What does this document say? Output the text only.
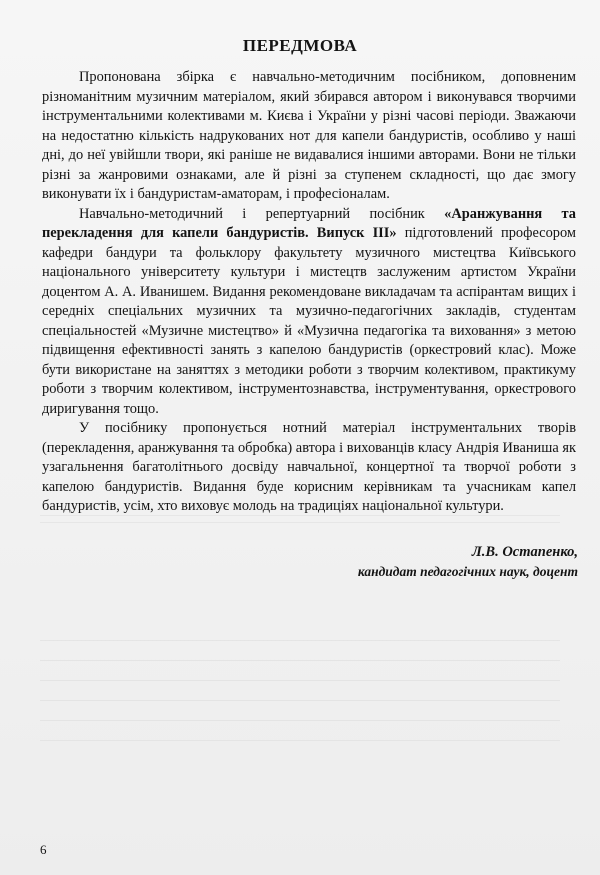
ПЕРЕДМОВА

Пропонована збірка є навчально-методичним посібником, доповненим різноманітним музичним матеріалом, який збирався автором і виконувався творчими інструментальними колективами м. Києва і України у різні часові періоди. Зважаючи на недостатню кількість надрукованих нот для капели бандуристів, особливо у наші дні, до неї увійшли твори, які раніше не видавалися іншими авторами. Вони не тільки різні за жанровими ознаками, але й різні за ступенем складності, що дає змогу виконувати їх і бандуристам-аматорам, і професіоналам.

Навчально-методичний і репертуарний посібник «Аранжування та перекладення для капели бандуристів. Випуск ІІІ» підготовлений професором кафедри бандури та фольклору факультету музичного мистецтва Київського національного університету культури і мистецтв заслуженим артистом України доцентом А. А. Иванишем. Видання рекомендоване викладачам та аспірантам вищих і середніх спеціальних музичних та музично-педагогічних закладів, студентам спеціальностей «Музичне мистецтво» й «Музична педагогіка та виховання» з метою підвищення ефективності занять з капелою бандуристів (оркестровий клас). Може бути використане на заняттях з методики роботи з творчим колективом, практикуму роботи з творчим колективом, інструментознавства, інструментування, оркестрового диригування тощо.

У посібнику пропонується нотний матеріал інструментальних творів (перекладення, аранжування та обробка) автора і вихованців класу Андрія Иваниша як узагальнення багатолітнього досвіду навчальної, концертної та творчої роботи з капелою бандуристів. Видання буде корисним керівникам та учасникам капел бандуристів, усім, хто виховує молодь на традиціях національної культури.

Л.В. Остапенко,
кандидат педагогічних наук, доцент
6
